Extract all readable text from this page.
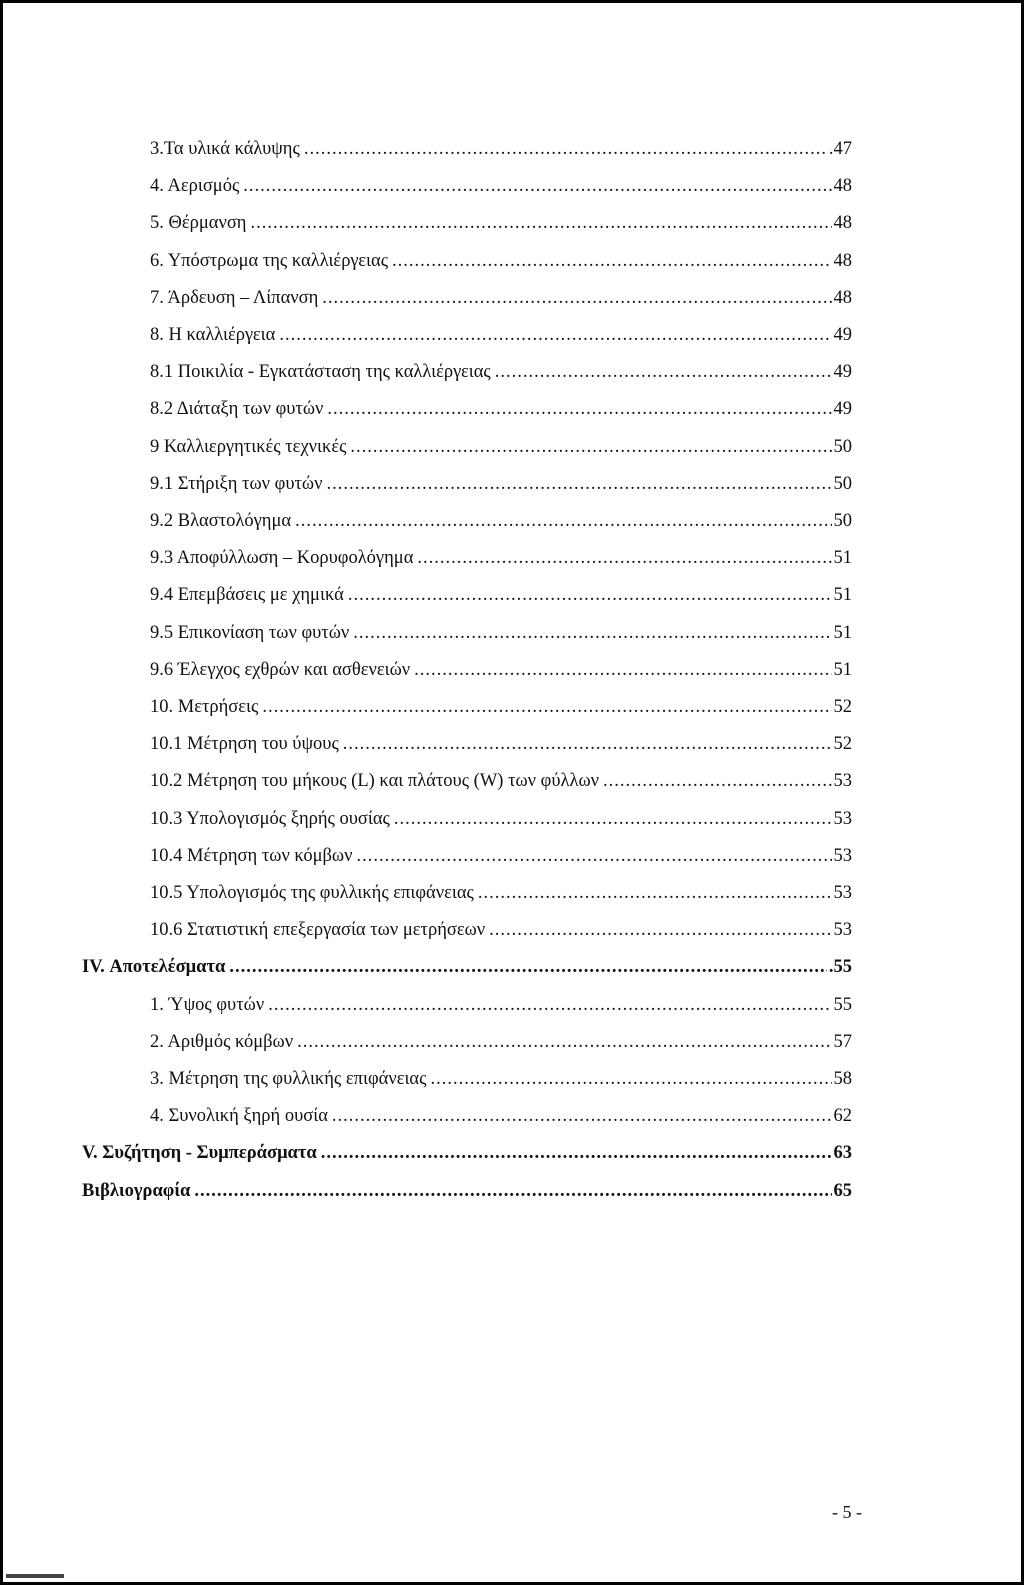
3.Τα υλικά κάλυψης .....	.47
4. Αερισμός .....	48
5. Θέρμανση .....	48
6. Υπόστρωμα της καλλιέργειας .....	48
7. Άρδευση – Λίπανση .....	48
8. Η καλλιέργεια .....	49
8.1 Ποικιλία - Εγκατάσταση της καλλιέργειας .....	49
8.2 Διάταξη των φυτών .....	49
9 Καλλιεργητικές τεχνικές .....	50
9.1 Στήριξη των φυτών .....	50
9.2 Βλαστολόγημα .....	50
9.3 Αποφύλλωση – Κορυφολόγημα .....	51
9.4 Επεμβάσεις με χημικά .....	51
9.5 Επικονίαση των φυτών .....	51
9.6 Έλεγχος εχθρών και ασθενειών .....	51
10. Μετρήσεις .....	52
10.1 Μέτρηση του ύψους .....	52
10.2 Μέτρηση του μήκους (L) και πλάτους (W) των φύλλων .....	53
10.3 Υπολογισμός ξηρής ουσίας .....	53
10.4 Μέτρηση των κόμβων .....	53
10.5 Υπολογισμός της φυλλικής επιφάνειας .....	53
10.6 Στατιστική επεξεργασία των μετρήσεων .....	53
IV. Αποτελέσματα .....	.55
1. Ύψος φυτών .....	55
2. Αριθμός κόμβων .....	57
3. Μέτρηση της φυλλικής επιφάνειας .....	58
4. Συνολική ξηρή ουσία .....	62
V. Συζήτηση - Συμπεράσματα .....	63
Βιβλιογραφία .....	65
- 5 -
